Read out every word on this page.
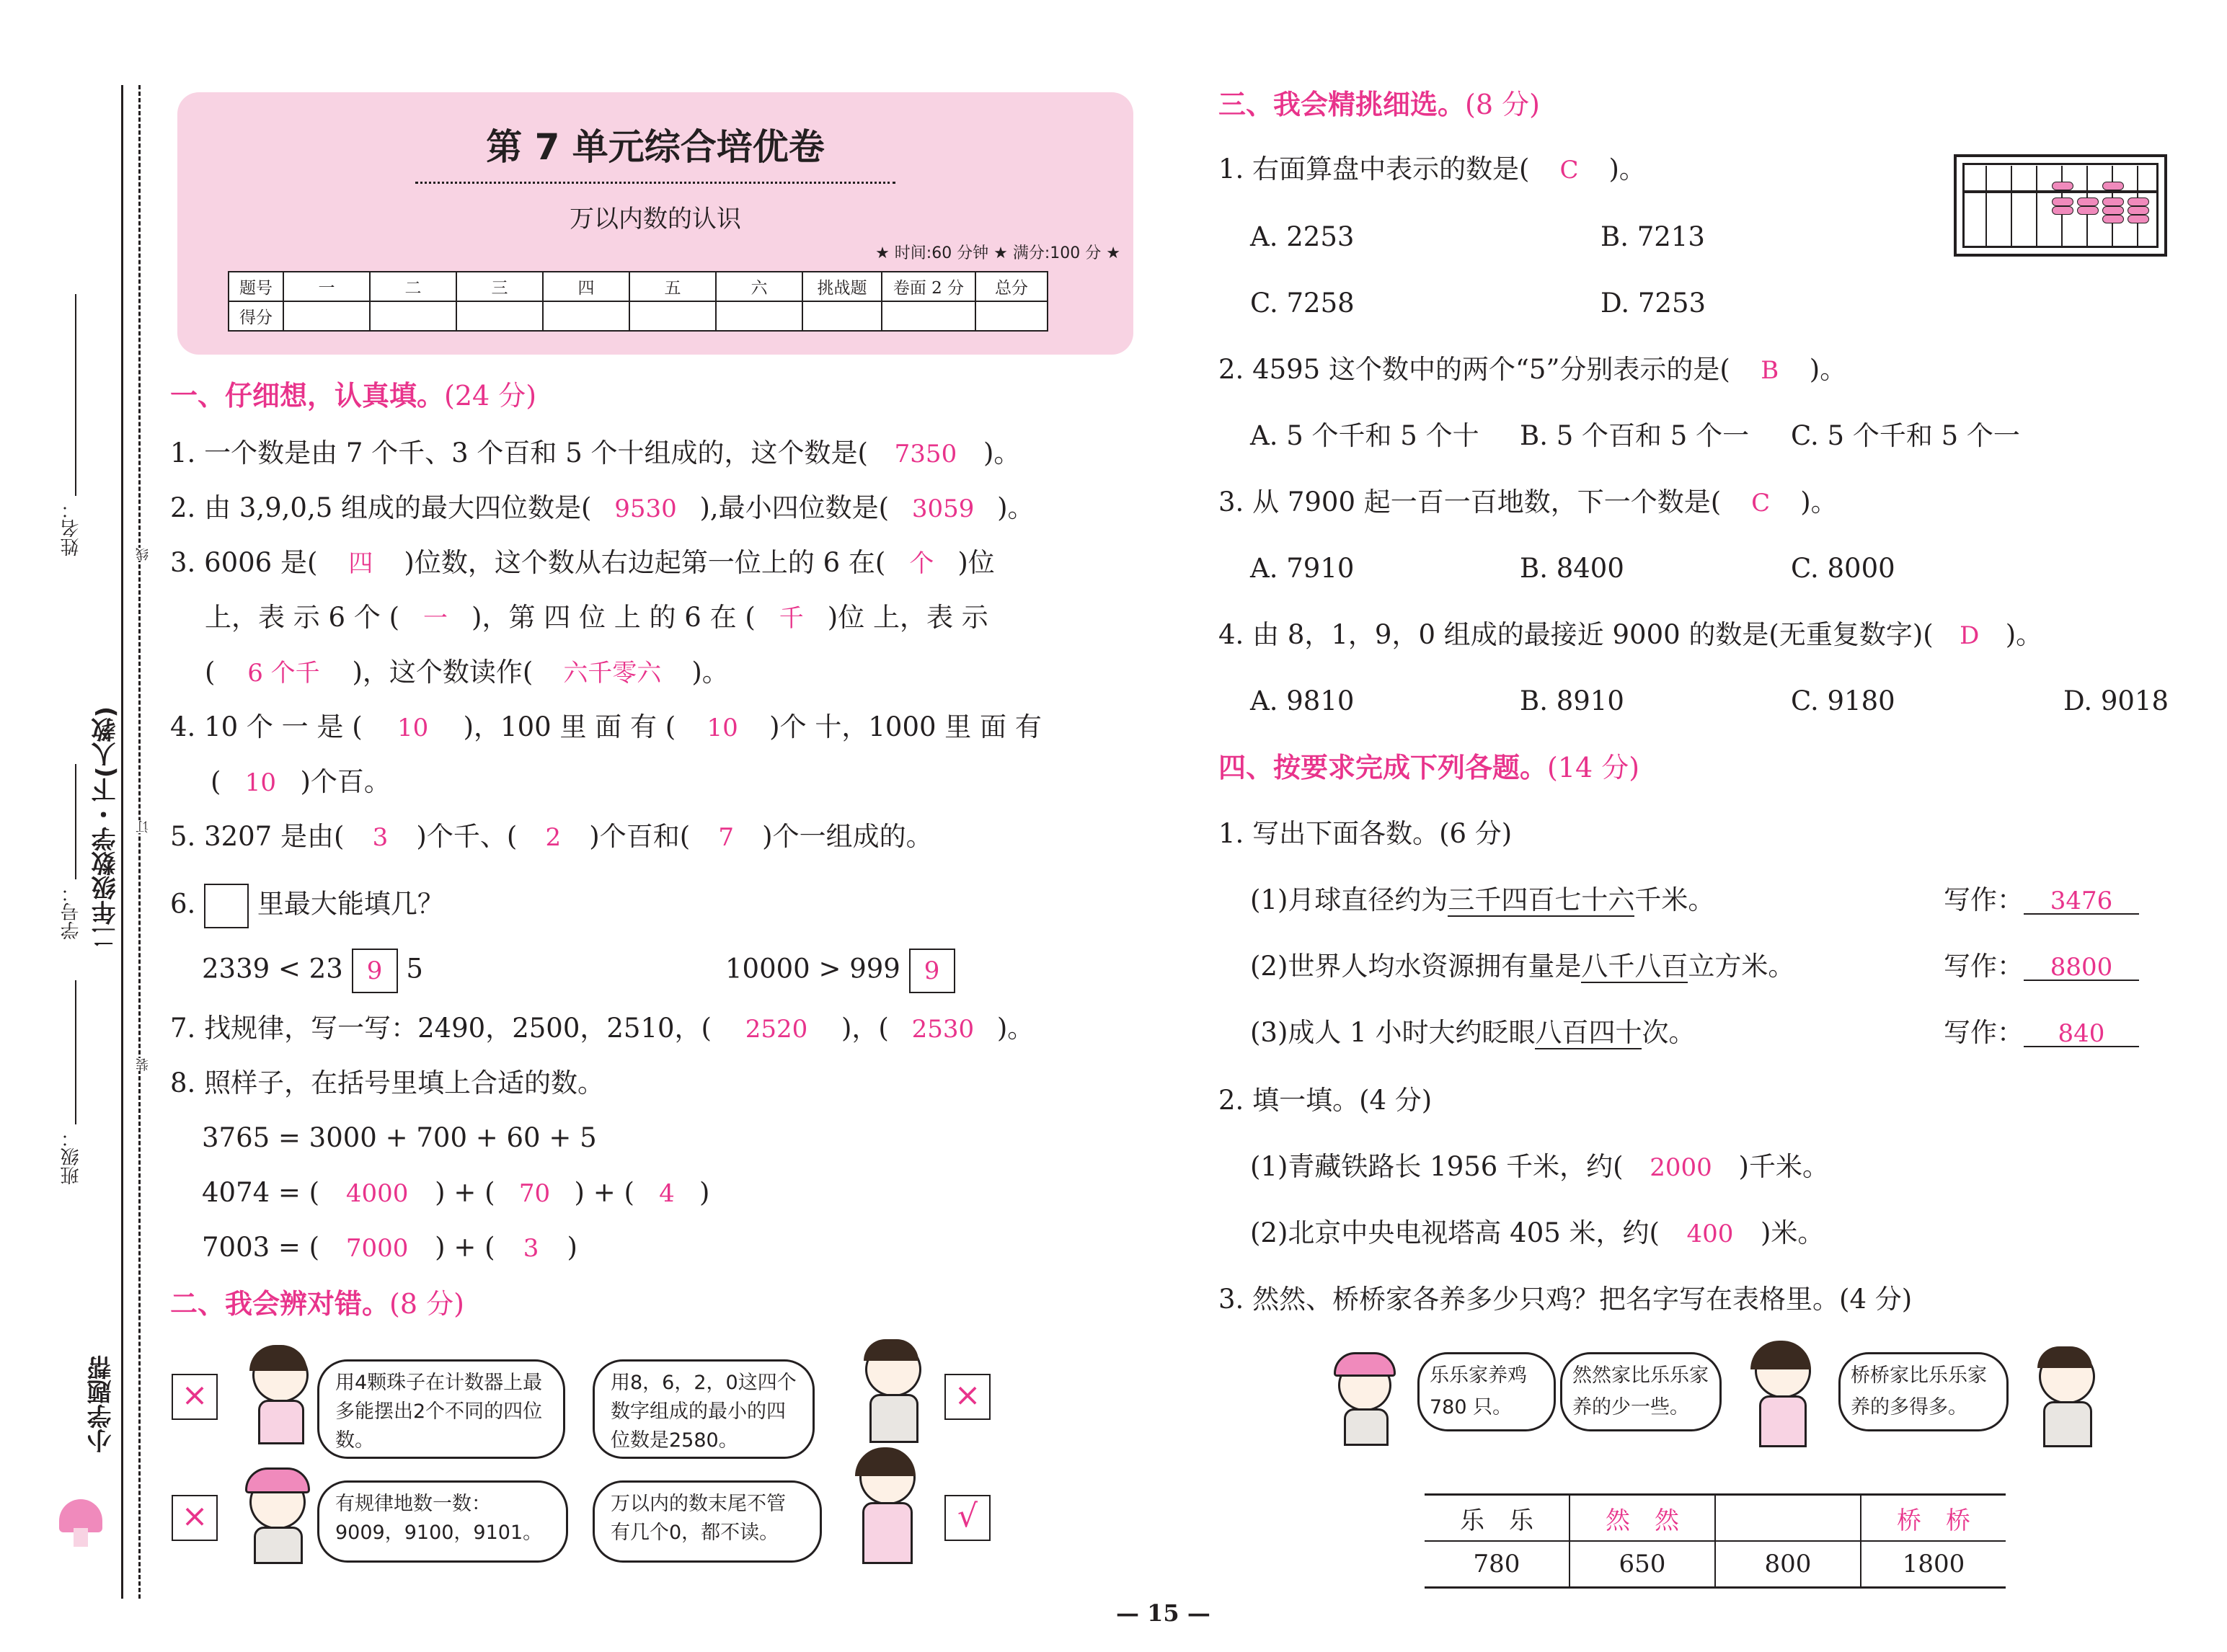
线
订
装
姓名：
学号：
班级：
二年级数学・下(人教)
小学题帮
第 7 单元综合培优卷
万以内数的认识
★ 时间:60 分钟 ★ 满分:100 分 ★
题号	一	二	三	四	五	六	挑战题	卷面 2 分	总分
得分									
一、仔细想，认真填。(24 分)
1. 一个数是由 7 个千、3 个百和 5 个十组成的，这个数是( 7350 )。
2. 由 3,9,0,5 组成的最大四位数是( 9530 ),最小四位数是( 3059 )。
3. 6006 是( 四 )位数，这个数从右边起第一位上的 6 在( 个 )位
上，表 示 6 个 ( 一 )，第 四 位 上 的 6 在 ( 千 )位 上，表 示
( 6 个千 )，这个数读作( 六千零六 )。
4. 10 个 一 是 ( 10 )，100 里 面 有 ( 10 )个 十，1000 里 面 有
( 10 )个百。
5. 3207 是由( 3 )个千、( 2 )个百和( 7 )个一组成的。
6. 里最大能填几？
2339 < 23 9 5	10000 > 999 9
7. 找规律，写一写：2490，2500，2510，( 2520 )，( 2530 )。
8. 照样子，在括号里填上合适的数。
3765 = 3000 + 700 + 60 + 5
4074 = ( 4000 ) + ( 70 ) + ( 4 )
7003 = ( 7000 ) + ( 3 )
二、我会辨对错。(8 分)
×	用4颗珠子在计数器上最多能摆出2个不同的四位数。
用8，6，2，0这四个数字组成的最小的四位数是2580。
×
×	有规律地数一数：9009，9100，9101。
万以内的数末尾不管有几个0，都不读。	√
三、我会精挑细选。(8 分)
1. 右面算盘中表示的数是( C )。
A. 2253	B. 7213
C. 7258	D. 7253
2. 4595 这个数中的两个“5”分别表示的是( B )。
A. 5 个千和 5 个十 B. 5 个百和 5 个一 C. 5 个千和 5 个一
3. 从 7900 起一百一百地数，下一个数是( C )。
A. 7910	B. 8400	C. 8000
4. 由 8，1，9，0 组成的最接近 9000 的数是(无重复数字)( D )。
A. 9810	B. 8910	C. 9180	D. 9018
四、按要求完成下列各题。(14 分)
1. 写出下面各数。(6 分)
(1)月球直径约为三千四百七十六千米。	写作： 3476
(2)世界人均水资源拥有量是八千八百立方米。	写作： 8800
(3)成人 1 小时大约眨眼八百四十次。	写作： 840
2. 填一填。(4 分)
(1)青藏铁路长 1956 千米，约( 2000 )千米。
(2)北京中央电视塔高 405 米，约( 400 )米。
3. 然然、桥桥家各养多少只鸡？把名字写在表格里。(4 分)
乐乐家养鸡 780 只。
然然家比乐乐家养的少一些。
桥桥家比乐乐家养的多得多。
乐　乐	然　然		桥　桥
780	650	800	1800
— 15 —
